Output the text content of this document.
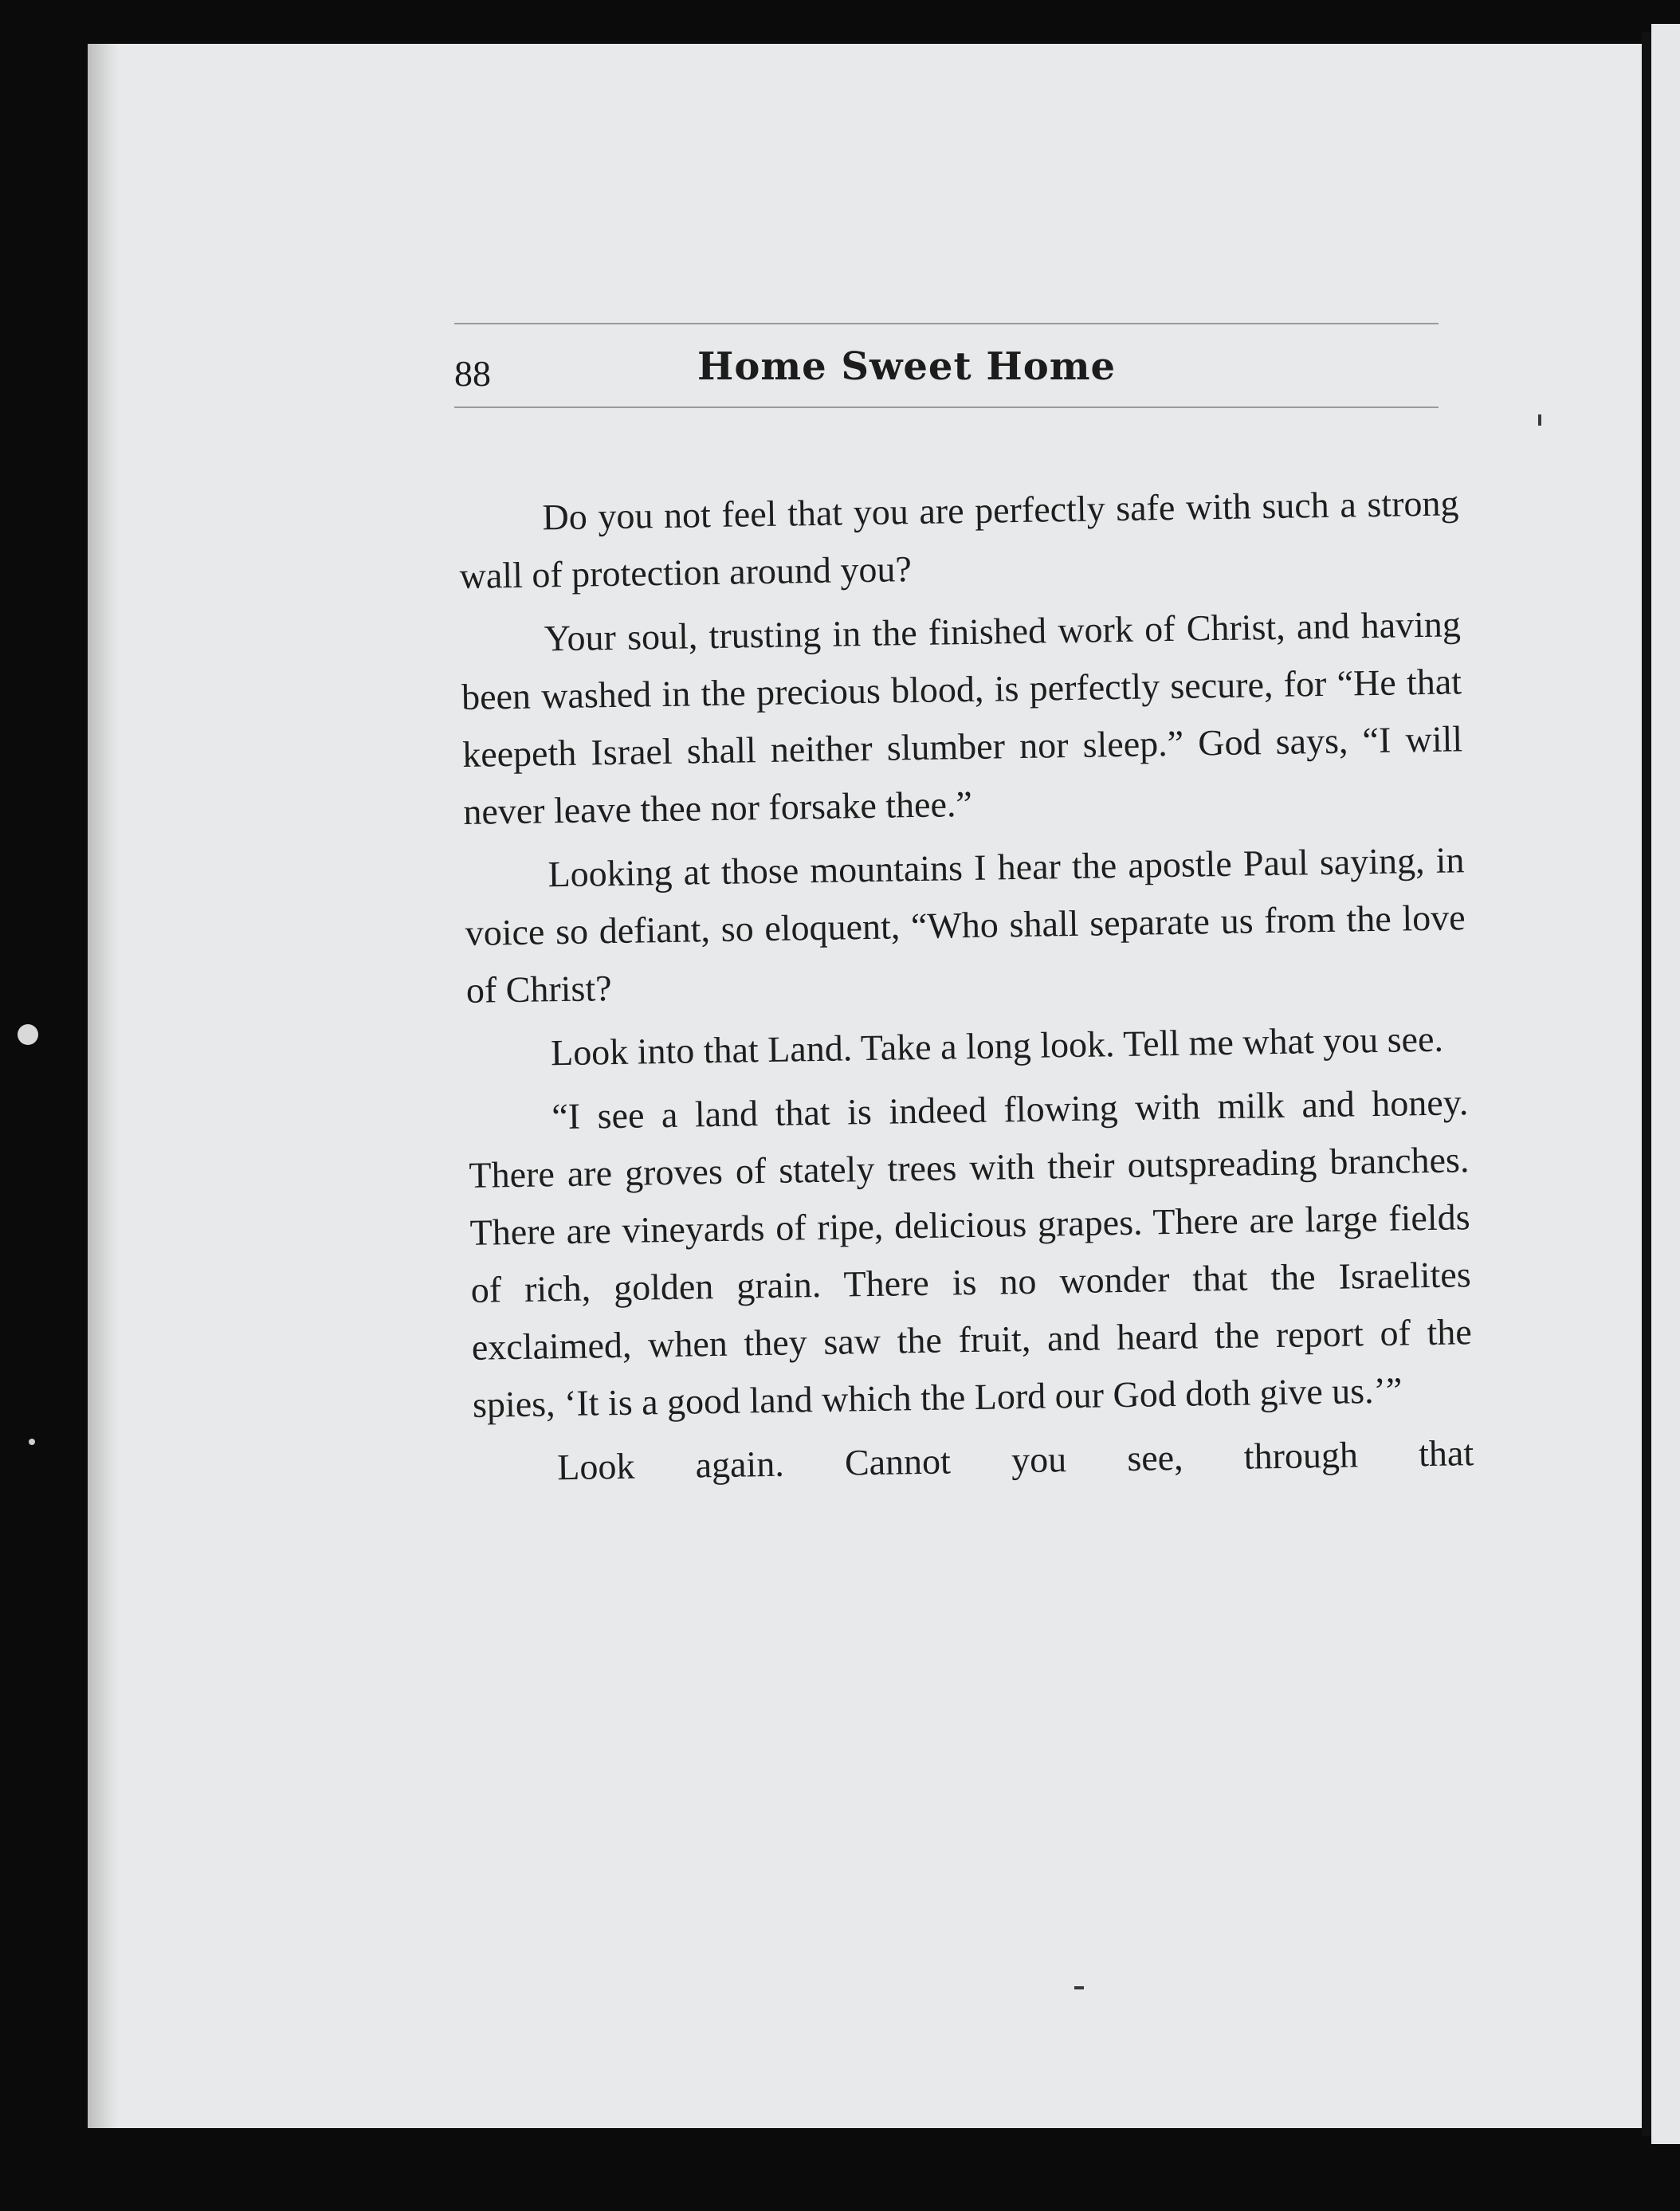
88	Home Sweet Home

Do you not feel that you are perfectly safe with such a strong wall of protection around you?

Your soul, trusting in the finished work of Christ, and having been washed in the precious blood, is perfectly secure, for “He that keepeth Israel shall neither slumber nor sleep.” God says, “I will never leave thee nor forsake thee.”

Looking at those mountains I hear the apostle Paul saying, in voice so defiant, so eloquent, “Who shall separate us from the love of Christ?

Look into that Land. Take a long look. Tell me what you see.

“I see a land that is indeed flowing with milk and honey. There are groves of stately trees with their outspreading branches. There are vineyards of ripe, delicious grapes. There are large fields of rich, golden grain. There is no wonder that the Israelites exclaimed, when they saw the fruit, and heard the report of the spies, ‘It is a good land which the Lord our God doth give us.’”

Look again. Cannot you see, through that
